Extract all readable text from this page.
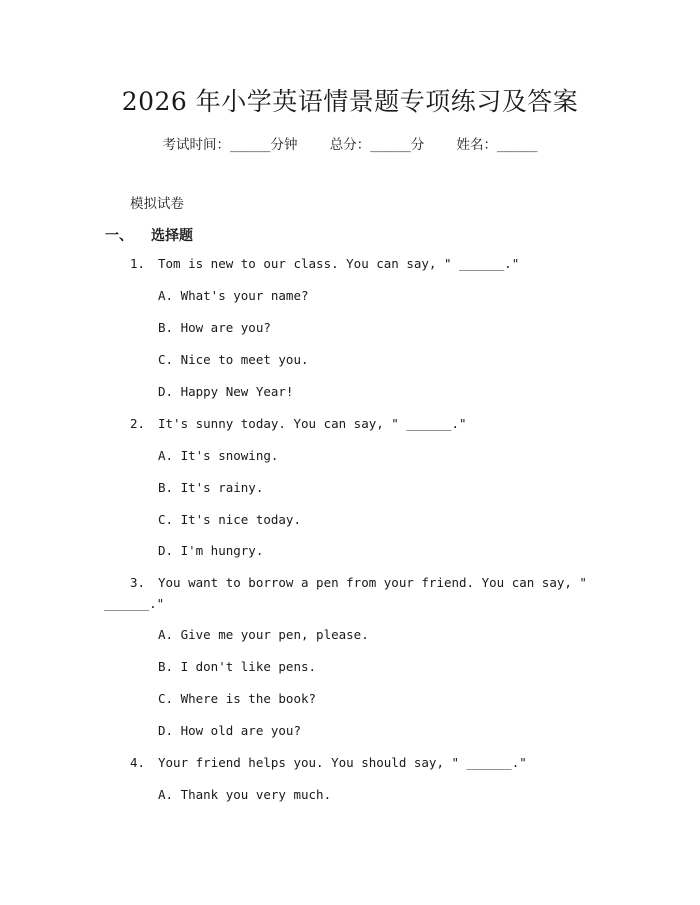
2026 年小学英语情景题专项练习及答案
考试时间：______分钟 总分：______分 姓名：______
模拟试卷
一、 选择题
1. Tom is new to our class. You can say, " ______."
A. What's your name?
B. How are you?
C. Nice to meet you.
D. Happy New Year!
2. It's sunny today. You can say, " ______."
A. It's snowing.
B. It's rainy.
C. It's nice today.
D. I'm hungry.
3. You want to borrow a pen from your friend. You can say, "
______."
A. Give me your pen, please.
B. I don't like pens.
C. Where is the book?
D. How old are you?
4. Your friend helps you. You should say, " ______."
A. Thank you very much.
